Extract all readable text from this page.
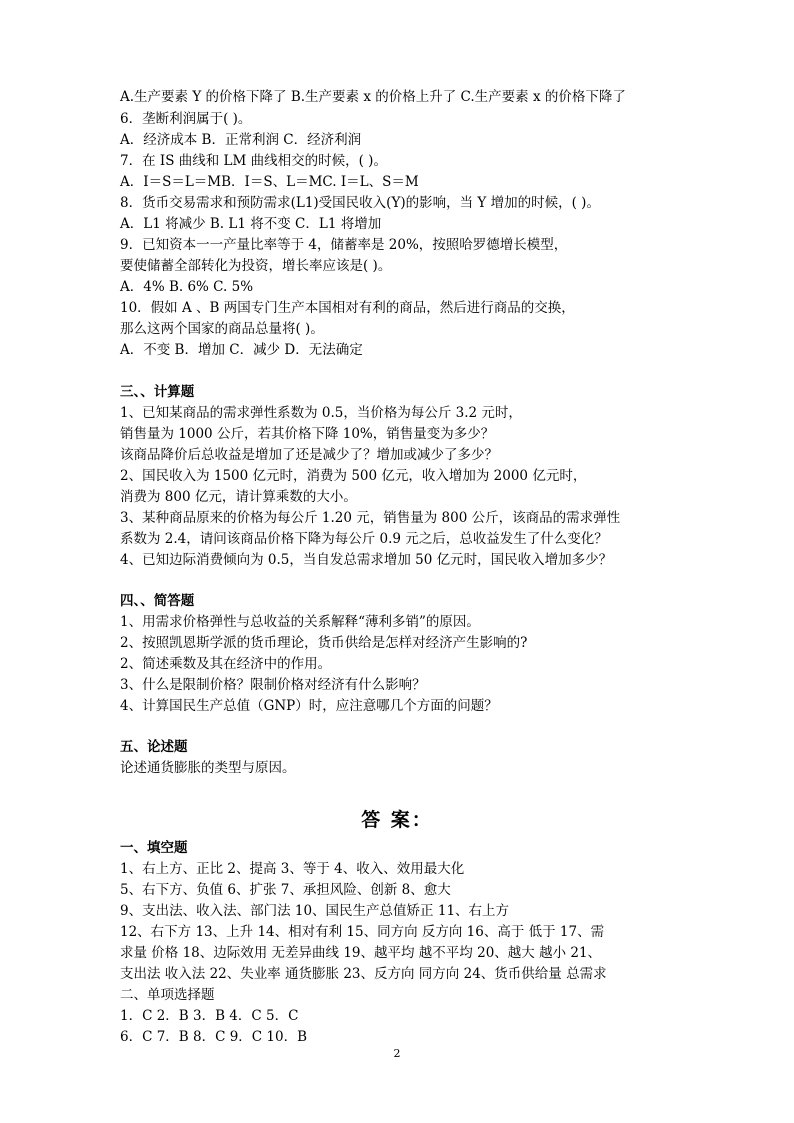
A.生产要素 Y 的价格下降了 B.生产要素 x 的价格上升了 C.生产要素 x 的价格下降了
6．垄断利润属于( )。
A．经济成本 B．正常利润 C．经济利润
7．在 IS 曲线和 LM 曲线相交的时候，( )。
A．I＝S＝L＝MB．I＝S、L＝MC. I＝L、S＝M
8．货币交易需求和预防需求(L1)受国民收入(Y)的影响，当 Y 增加的时候，( )。
A．L1 将减少 B. L1 将不变 C．L1 将增加
9．已知资本一一产量比率等于 4，储蓄率是 20%，按照哈罗德增长模型，
要使储蓄全部转化为投资，增长率应该是( )。
A．4% B. 6% C. 5%
10．假如 A 、B 两国专门生产本国相对有利的商品，然后进行商品的交换，
那么这两个国家的商品总量将( )。
A．不变 B．增加 C．减少 D．无法确定
三、、计算题
1、已知某商品的需求弹性系数为 0.5，当价格为每公斤 3.2 元时，
销售量为 1000 公斤，若其价格下降 10%，销售量变为多少？
该商品降价后总收益是增加了还是减少了？增加或减少了多少？
2、国民收入为 1500 亿元时，消费为 500 亿元，收入增加为 2000 亿元时，
消费为 800 亿元，请计算乘数的大小。
3、某种商品原来的价格为每公斤 1.20 元，销售量为 800 公斤，该商品的需求弹性
系数为 2.4，请问该商品价格下降为每公斤 0.9 元之后，总收益发生了什么变化？
4、已知边际消费倾向为 0.5，当自发总需求增加 50 亿元时，国民收入增加多少？
四、、简答题
1、用需求价格弹性与总收益的关系解释“薄利多销”的原因。
2、按照凯恩斯学派的货币理论，货币供给是怎样对经济产生影响的?
2、简述乘数及其在经济中的作用。
3、什么是限制价格？限制价格对经济有什么影响？
4、计算国民生产总值（GNP）时，应注意哪几个方面的问题？
五、论述题
论述通货膨胀的类型与原因。
答 案：
一、填空题
1、右上方、正比 2、提高 3、等于 4、收入、效用最大化
5、右下方、负值 6、扩张 7、承担风险、创新 8、愈大
9、支出法、收入法、部门法 10、国民生产总值矫正 11、右上方
12、右下方 13、上升 14、相对有利 15、同方向 反方向 16、高于 低于 17、需
求量 价格 18、边际效用 无差异曲线 19、越平均 越不平均 20、越大 越小 21、
支出法 收入法 22、失业率 通货膨胀 23、反方向 同方向 24、货币供给量 总需求
二、单项选择题
1．C 2．B 3．B 4．C 5．C
6．C 7．B 8．C 9．C 10．B
2
